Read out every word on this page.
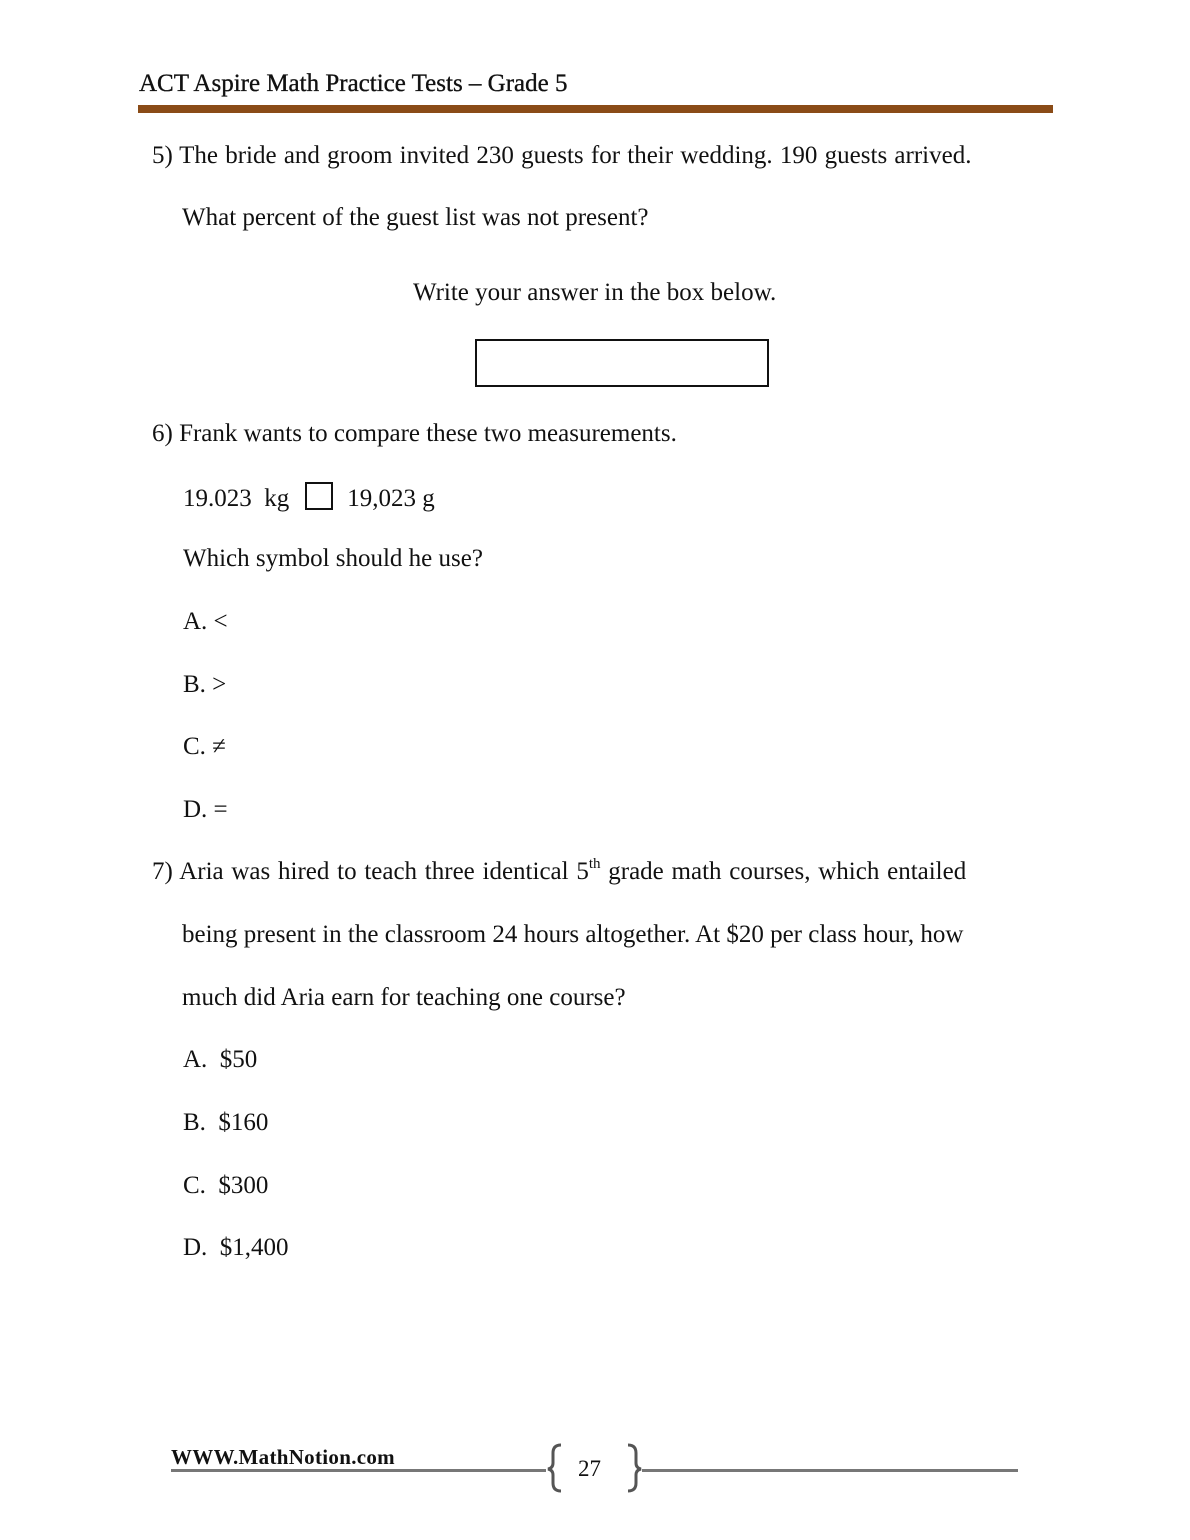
ACT Aspire Math Practice Tests – Grade 5
5) The bride and groom invited 230 guests for their wedding. 190 guests arrived.
What percent of the guest list was not present?
Write your answer in the box below.
6) Frank wants to compare these two measurements.
19.023  kg 19,023 g
Which symbol should he use?
A. <
B. >
C. ≠
D. =
7) Aria was hired to teach three identical 5th grade math courses, which entailed
being present in the classroom 24 hours altogether. At $20 per class hour, how
much did Aria earn for teaching one course?
A.  $50
B.  $160
C.  $300
D.  $1,400
WWW.MathNotion.com	27
